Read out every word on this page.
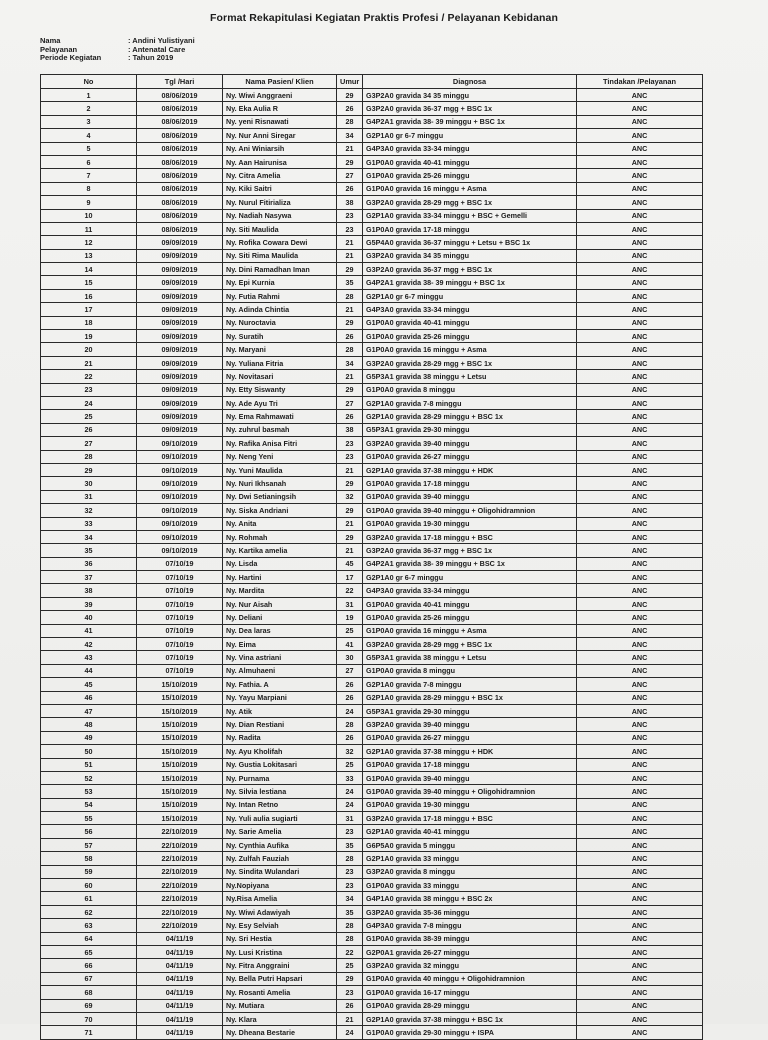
Format Rekapitulasi Kegiatan Praktis Profesi / Pelayanan Kebidanan
Nama	: Andini Yulistiyani
Pelayanan	: Antenatal Care
Periode Kegiatan	: Tahun 2019
No	Tgl /Hari	Nama Pasien/ Klien	Umur	Diagnosa	Tindakan /Pelayanan
1	08/06/2019	Ny. Wiwi Anggraeni	29	G3P2A0 gravida 34 35 minggu	ANC
2	08/06/2019	Ny. Eka Aulia R	26	G3P2A0 gravida 36-37 mgg + BSC 1x	ANC
3	08/06/2019	Ny. yeni Risnawati	28	G4P2A1 gravida 38- 39 minggu + BSC 1x	ANC
4	08/06/2019	Ny. Nur Anni Siregar	34	G2P1A0 gr 6-7 minggu	ANC
5	08/06/2019	Ny. Ani Winiarsih	21	G4P3A0 gravida 33-34 minggu	ANC
6	08/06/2019	Ny. Aan Hairunisa	29	G1P0A0 gravida 40-41 minggu	ANC
7	08/06/2019	Ny. Citra Amelia	27	G1P0A0 gravida 25-26 minggu	ANC
8	08/06/2019	Ny. Kiki Saitri	26	G1P0A0 gravida 16 minggu + Asma	ANC
9	08/06/2019	Ny. Nurul Fitirializa	38	G3P2A0 gravida 28-29 mgg + BSC 1x	ANC
10	08/06/2019	Ny. Nadiah Nasywa	23	G2P1A0 gravida 33-34 minggu + BSC + Gemelli	ANC
11	08/06/2019	Ny. Siti Maulida	23	G1P0A0 gravida 17-18 minggu	ANC
12	09/09/2019	Ny. Rofika Cowara Dewi	21	G5P4A0 gravida 36-37 minggu + Letsu + BSC 1x	ANC
13	09/09/2019	Ny. Siti Rima Maulida	21	G3P2A0 gravida 34 35 minggu	ANC
14	09/09/2019	Ny. Dini Ramadhan Iman	29	G3P2A0 gravida 36-37 mgg + BSC 1x	ANC
15	09/09/2019	Ny. Epi Kurnia	35	G4P2A1 gravida 38- 39 minggu + BSC 1x	ANC
16	09/09/2019	Ny. Futia Rahmi	28	G2P1A0 gr 6-7 minggu	ANC
17	09/09/2019	Ny. Adinda Chintia	21	G4P3A0 gravida 33-34 minggu	ANC
18	09/09/2019	Ny. Nuroctavia	29	G1P0A0 gravida 40-41 minggu	ANC
19	09/09/2019	Ny. Suratih	26	G1P0A0 gravida 25-26 minggu	ANC
20	09/09/2019	Ny. Maryani	28	G1P0A0 gravida 16 minggu + Asma	ANC
21	09/09/2019	Ny. Yuliana Fitria	34	G3P2A0 gravida 28-29 mgg + BSC 1x	ANC
22	09/09/2019	Ny. Novitasari	21	G5P3A1 gravida 38 minggu + Letsu	ANC
23	09/09/2019	Ny. Etty Siswanty	29	G1P0A0 gravida 8 minggu	ANC
24	09/09/2019	Ny. Ade Ayu Tri	27	G2P1A0 gravida 7-8 minggu	ANC
25	09/09/2019	Ny. Ema Rahmawati	26	G2P1A0 gravida 28-29 minggu + BSC 1x	ANC
26	09/09/2019	Ny. zuhrul basmah	38	G5P3A1 gravida 29-30 minggu	ANC
27	09/10/2019	Ny. Rafika Anisa Fitri	23	G3P2A0 gravida 39-40 minggu	ANC
28	09/10/2019	Ny. Neng Yeni	23	G1P0A0 gravida 26-27 minggu	ANC
29	09/10/2019	Ny. Yuni Maulida	21	G2P1A0 gravida 37-38 minggu + HDK	ANC
30	09/10/2019	Ny. Nuri Ikhsanah	29	G1P0A0 gravida 17-18 minggu	ANC
31	09/10/2019	Ny. Dwi Setianingsih	32	G1P0A0 gravida 39-40 minggu	ANC
32	09/10/2019	Ny. Siska Andriani	29	G1P0A0 gravida 39-40 minggu + Oligohidramnion	ANC
33	09/10/2019	Ny. Anita	21	G1P0A0 gravida 19-30 minggu	ANC
34	09/10/2019	Ny. Rohmah	29	G3P2A0 gravida 17-18 minggu + BSC	ANC
35	09/10/2019	Ny. Kartika amelia	21	G3P2A0 gravida 36-37 mgg + BSC 1x	ANC
36	07/10/19	Ny. Lisda	45	G4P2A1 gravida 38- 39 minggu + BSC 1x	ANC
37	07/10/19	Ny. Hartini	17	G2P1A0 gr 6-7 minggu	ANC
38	07/10/19	Ny. Mardita	22	G4P3A0 gravida 33-34 minggu	ANC
39	07/10/19	Ny. Nur Aisah	31	G1P0A0 gravida 40-41 minggu	ANC
40	07/10/19	Ny. Deliani	19	G1P0A0 gravida 25-26 minggu	ANC
41	07/10/19	Ny. Dea laras	25	G1P0A0 gravida 16 minggu + Asma	ANC
42	07/10/19	Ny. Eima	41	G3P2A0 gravida 28-29 mgg + BSC 1x	ANC
43	07/10/19	Ny. Vina astriani	30	G5P3A1 gravida 38 minggu + Letsu	ANC
44	07/10/19	Ny. Almuhaeni	27	G1P0A0 gravida 8 minggu	ANC
45	15/10/2019	Ny. Fathia. A	26	G2P1A0 gravida 7-8 minggu	ANC
46	15/10/2019	Ny. Yayu Marpiani	26	G2P1A0 gravida 28-29 minggu + BSC 1x	ANC
47	15/10/2019	Ny. Atik	24	G5P3A1 gravida 29-30 minggu	ANC
48	15/10/2019	Ny. Dian Restiani	28	G3P2A0 gravida 39-40 minggu	ANC
49	15/10/2019	Ny. Radita	26	G1P0A0 gravida 26-27 minggu	ANC
50	15/10/2019	Ny. Ayu Kholifah	32	G2P1A0 gravida 37-38 minggu + HDK	ANC
51	15/10/2019	Ny. Gustia Lokitasari	25	G1P0A0 gravida 17-18 minggu	ANC
52	15/10/2019	Ny. Purnama	33	G1P0A0 gravida 39-40 minggu	ANC
53	15/10/2019	Ny. Silvia lestiana	24	G1P0A0 gravida 39-40 minggu + Oligohidramnion	ANC
54	15/10/2019	Ny. Intan Retno	24	G1P0A0 gravida 19-30 minggu	ANC
55	15/10/2019	Ny. Yuli aulia sugiarti	31	G3P2A0 gravida 17-18 minggu + BSC	ANC
56	22/10/2019	Ny. Sarie Amelia	23	G2P1A0 gravida 40-41 minggu	ANC
57	22/10/2019	Ny. Cynthia Aufika	35	G6P5A0 gravida 5 minggu	ANC
58	22/10/2019	Ny. Zulfah Fauziah	28	G2P1A0 gravida 33 minggu	ANC
59	22/10/2019	Ny. Sindita Wulandari	23	G3P2A0 gravida 8 minggu	ANC
60	22/10/2019	Ny.Nopiyana	23	G1P0A0 gravida 33 minggu	ANC
61	22/10/2019	Ny.Risa Amelia	34	G4P1A0 gravida 38 minggu + BSC 2x	ANC
62	22/10/2019	Ny. Wiwi Adawiyah	35	G3P2A0 gravida 35-36 minggu	ANC
63	22/10/2019	Ny. Esy Selviah	28	G4P3A0 gravida 7-8 minggu	ANC
64	04/11/19	Ny. Sri Hestia	28	G1P0A0 gravida 38-39 minggu	ANC
65	04/11/19	Ny. Lusi Kristina	22	G2P0A1 gravida 26-27 minggu	ANC
66	04/11/19	Ny. Fitra Anggraini	25	G3P2A0 gravida 32 minggu	ANC
67	04/11/19	Ny. Bella Putri Hapsari	29	G1P0A0 gravida 40 minggu + Oligohidramnion	ANC
68	04/11/19	Ny. Rosanti Amelia	23	G1P0A0 gravida 16-17 minggu	ANC
69	04/11/19	Ny. Mutiara	26	G1P0A0 gravida 28-29 minggu	ANC
70	04/11/19	Ny. Klara	21	G2P1A0 gravida 37-38 minggu + BSC 1x	ANC
71	04/11/19	Ny. Dheana Bestarie	24	G1P0A0 gravida 29-30 minggu + ISPA	ANC
